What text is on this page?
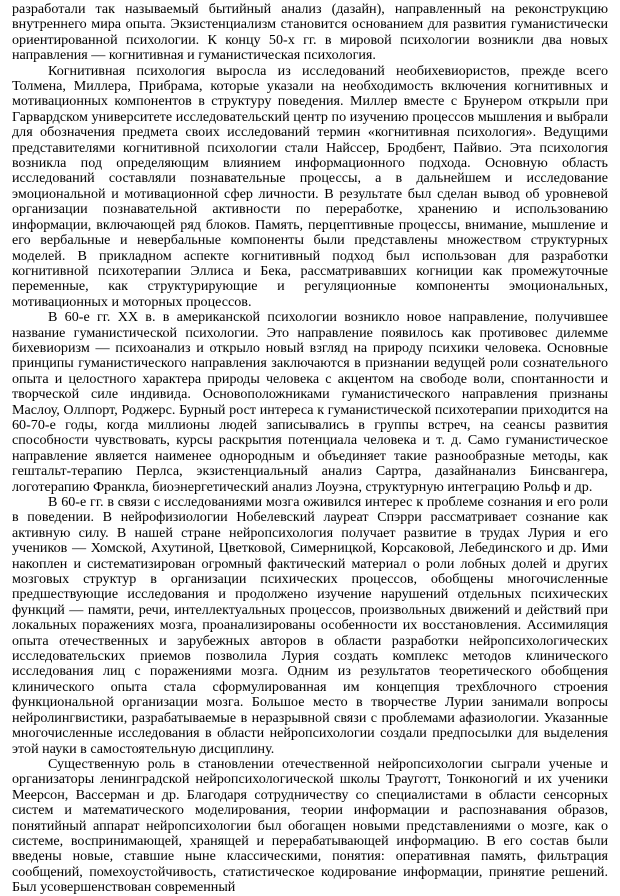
разработали так называемый бытийный анализ (дазайн), направленный на реконструкцию внутреннего мира опыта. Экзистенциализм становится основанием для развития гуманистически ориентированной психологии. К концу 50-х гг. в мировой психологии возникли два новых направления — когнитивная и гуманистическая психология.

Когнитивная психология выросла из исследований необихевиористов, прежде всего Толмена, Миллера, Прибрама, которые указали на необходимость включения когнитивных и мотивационных компонентов в структуру поведения. Миллер вместе с Брунером открыли при Гарвардском университете исследовательский центр по изучению процессов мышления и выбрали для обозначения предмета своих исследований термин «когнитивная психология». Ведущими представителями когнитивной психологии стали Найссер, Бродбент, Пайвио. Эта психология возникла под определяющим влиянием информационного подхода. Основную область исследований составляли познавательные процессы, а в дальнейшем и исследование эмоциональной и мотивационной сфер личности. В результате был сделан вывод об уровневой организации познавательной активности по переработке, хранению и использованию информации, включающей ряд блоков. Память, перцептивные процессы, внимание, мышление и его вербальные и невербальные компоненты были представлены множеством структурных моделей. В прикладном аспекте когнитивный подход был использован для разработки когнитивной психотерапии Эллиса и Бека, рассматривавших когниции как промежуточные переменные, как структурирующие и регуляционные компоненты эмоциональных, мотивационных и моторных процессов.

В 60-е гг. XX в. в американской психологии возникло новое направление, получившее название гуманистической психологии. Это направление появилось как противовес дилемме бихевиоризм — психоанализ и открыло новый взгляд на природу психики человека. Основные принципы гуманистического направления заключаются в признании ведущей роли сознательного опыта и целостного характера природы человека с акцентом на свободе воли, спонтанности и творческой силе индивида. Основоположниками гуманистического направления признаны Маслоу, Оллпорт, Роджерс. Бурный рост интереса к гуманистической психотерапии приходится на 60-70-е годы, когда миллионы людей записывались в группы встреч, на сеансы развития способности чувствовать, курсы раскрытия потенциала человека и т. д. Само гуманистическое направление является наименее однородным и объединяет такие разнообразные методы, как гештальт-терапию Перлса, экзистенциальный анализ Сартра, дазайнанализ Бинсвангера, логотерапию Франкла, биоэнергетический анализ Лоуэна, структурную интеграцию Рольф и др.

В 60-е гг. в связи с исследованиями мозга оживился интерес к проблеме сознания и его роли в поведении. В нейрофизиологии Нобелевский лауреат Спэрри рассматривает сознание как активную силу. В нашей стране нейропсихология получает развитие в трудах Лурия и его учеников — Хомской, Ахутиной, Цветковой, Симерницкой, Корсаковой, Лебединского и др. Ими накоплен и систематизирован огромный фактический материал о роли лобных долей и других мозговых структур в организации психических процессов, обобщены многочисленные предшествующие исследования и продолжено изучение нарушений отдельных психических функций — памяти, речи, интеллектуальных процессов, произвольных движений и действий при локальных поражениях мозга, проанализированы особенности их восстановления. Ассимиляция опыта отечественных и зарубежных авторов в области разработки нейропсихологических исследовательских приемов позволила Лурия создать комплекс методов клинического исследования лиц с поражениями мозга. Одним из результатов теоретического обобщения клинического опыта стала сформулированная им концепция трехблочного строения функциональной организации мозга. Большое место в творчестве Лурии занимали вопросы нейролингвистики, разрабатываемые в неразрывной связи с проблемами афазиологии. Указанные многочисленные исследования в области нейропсихологии создали предпосылки для выделения этой науки в самостоятельную дисциплину.

Существенную роль в становлении отечественной нейропсихологии сыграли ученые и организаторы ленинградской нейропсихологической школы Трауготт, Тонконогий и их ученики Меерсон, Вассерман и др. Благодаря сотрудничеству со специалистами в области сенсорных систем и математического моделирования, теории информации и распознавания образов, понятийный аппарат нейропсихологии был обогащен новыми представлениями о мозге, как о системе, воспринимающей, хранящей и перерабатывающей информацию. В его состав были введены новые, ставшие ныне классическими, понятия: оперативная память, фильтрация сообщений, помехоустойчивость, статистическое кодирование информации, принятие решений. Был усовершенствован современный
